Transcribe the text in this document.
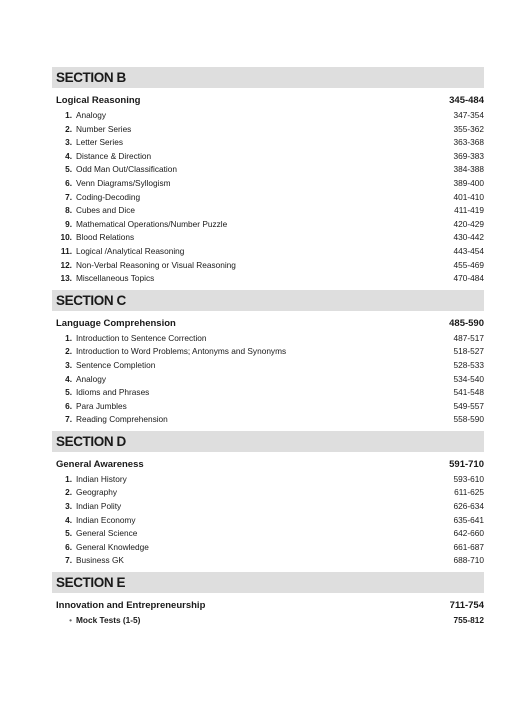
SECTION B
Logical Reasoning	345-484
1. Analogy	347-354
2. Number Series	355-362
3. Letter Series	363-368
4. Distance & Direction	369-383
5. Odd Man Out/Classification	384-388
6. Venn Diagrams/Syllogism	389-400
7. Coding-Decoding	401-410
8. Cubes and Dice	411-419
9. Mathematical Operations/Number Puzzle	420-429
10. Blood Relations	430-442
11. Logical /Analytical Reasoning	443-454
12. Non-Verbal Reasoning or Visual Reasoning	455-469
13. Miscellaneous Topics	470-484
SECTION C
Language Comprehension	485-590
1. Introduction to Sentence Correction	487-517
2. Introduction to Word Problems; Antonyms and Synonyms	518-527
3. Sentence Completion	528-533
4. Analogy	534-540
5. Idioms and Phrases	541-548
6. Para Jumbles	549-557
7. Reading Comprehension	558-590
SECTION D
General Awareness	591-710
1. Indian History	593-610
2. Geography	611-625
3. Indian Polity	626-634
4. Indian Economy	635-641
5. General Science	642-660
6. General Knowledge	661-687
7. Business GK	688-710
SECTION E
Innovation and Entrepreneurship	711-754
• Mock Tests (1-5)	755-812
